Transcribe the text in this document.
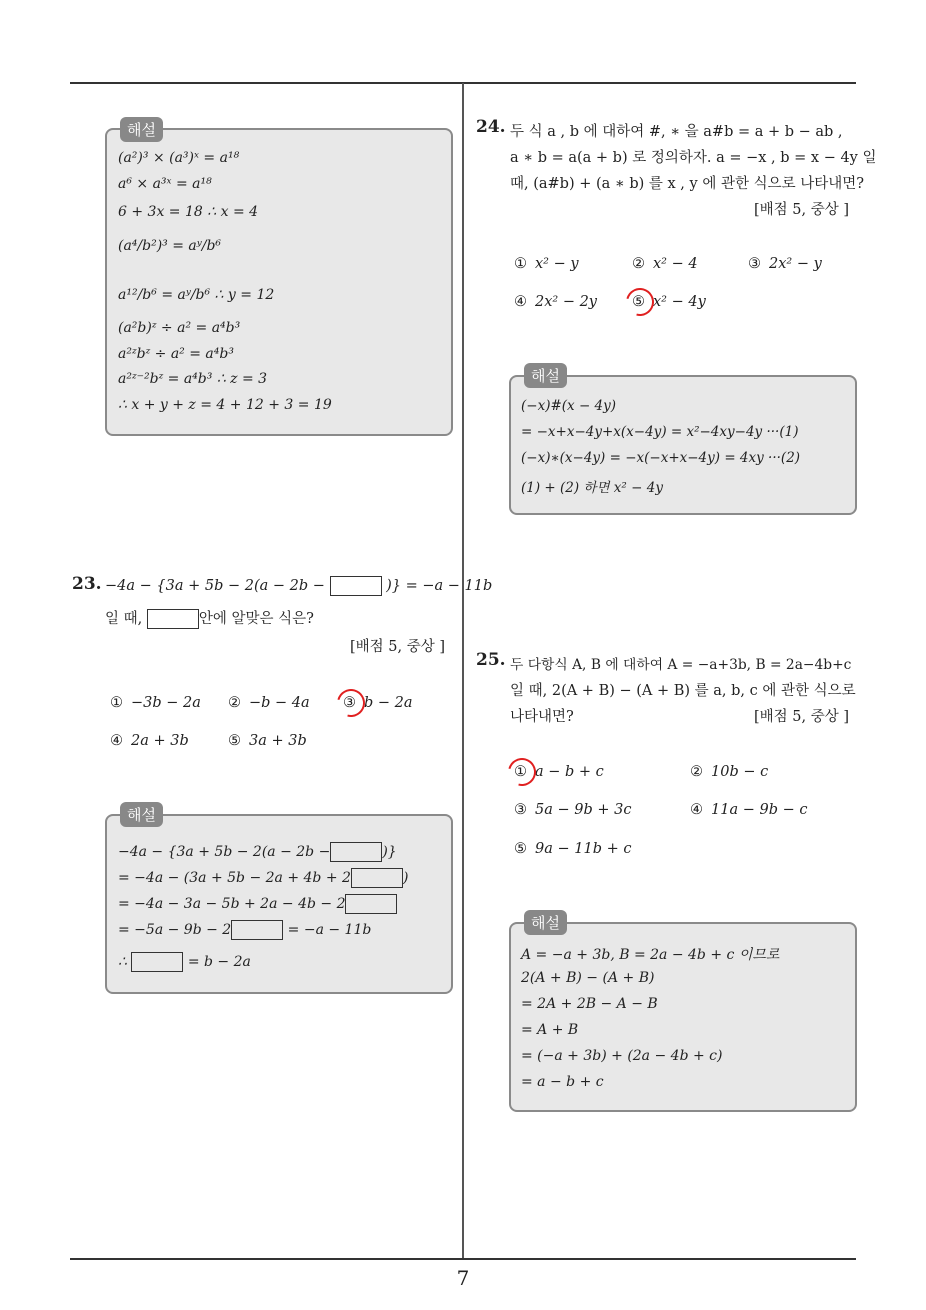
해설
(a²)³ × (a³)ˣ = a¹⁸
a⁶ × a³ˣ = a¹⁸
6 + 3x = 18 ∴ x = 4
(a⁴/b²)³ = aʸ/b⁶
a¹²/b⁶ = aʸ/b⁶ ∴ y = 12
(a²b)ᶻ ÷ a² = a⁴b³
a²ᶻbᶻ ÷ a² = a⁴b³
a²ᶻ⁻²bᶻ = a⁴b³ ∴ z = 3
∴ x + y + z = 4 + 12 + 3 = 19
23. −4a − {3a + 5b − 2(a − 2b −	)} = −a − 11b
일 때,	안에 알맞은 식은?
[배점 5, 중상 ]
① −3b − 2a ② −b − 4a ③ b − 2a
④ 2a + 3b	⑤ 3a + 3b
해설
−4a − {3a + 5b − 2(a − 2b −	)}
= −4a − (3a + 5b − 2a + 4b + 2	)
= −4a − 3a − 5b + 2a − 4b − 2
= −5a − 9b − 2	= −a − 11b
∴	= b − 2a
24. 두 식 a , b 에 대하여 #, ∗ 을 a#b = a + b − ab ,
a ∗ b = a(a + b) 로 정의하자. a = −x , b = x − 4y 일
때, (a#b) + (a ∗ b) 를 x , y 에 관한 식으로 나타내면?
[배점 5, 중상 ]
① x² − y	② x² − 4	③ 2x² − y
④ 2x² − 2y ⑤ x² − 4y
해설
(−x)#(x − 4y)
= −x+x−4y+x(x−4y) = x²−4xy−4y ···(1)
(−x)∗(x−4y) = −x(−x+x−4y) = 4xy ···(2)
(1) + (2) 하면 x² − 4y
25. 두 다항식 A, B 에 대하여 A = −a+3b, B = 2a−4b+c
일 때, 2(A + B) − (A + B) 를 a, b, c 에 관한 식으로
나타내면?	[배점 5, 중상 ]
① a − b + c	② 10b − c
③ 5a − 9b + 3c	④ 11a − 9b − c
⑤ 9a − 11b + c
해설
A = −a + 3b, B = 2a − 4b + c 이므로
2(A + B) − (A + B)
= 2A + 2B − A − B
= A + B
= (−a + 3b) + (2a − 4b + c)
= a − b + c
7
